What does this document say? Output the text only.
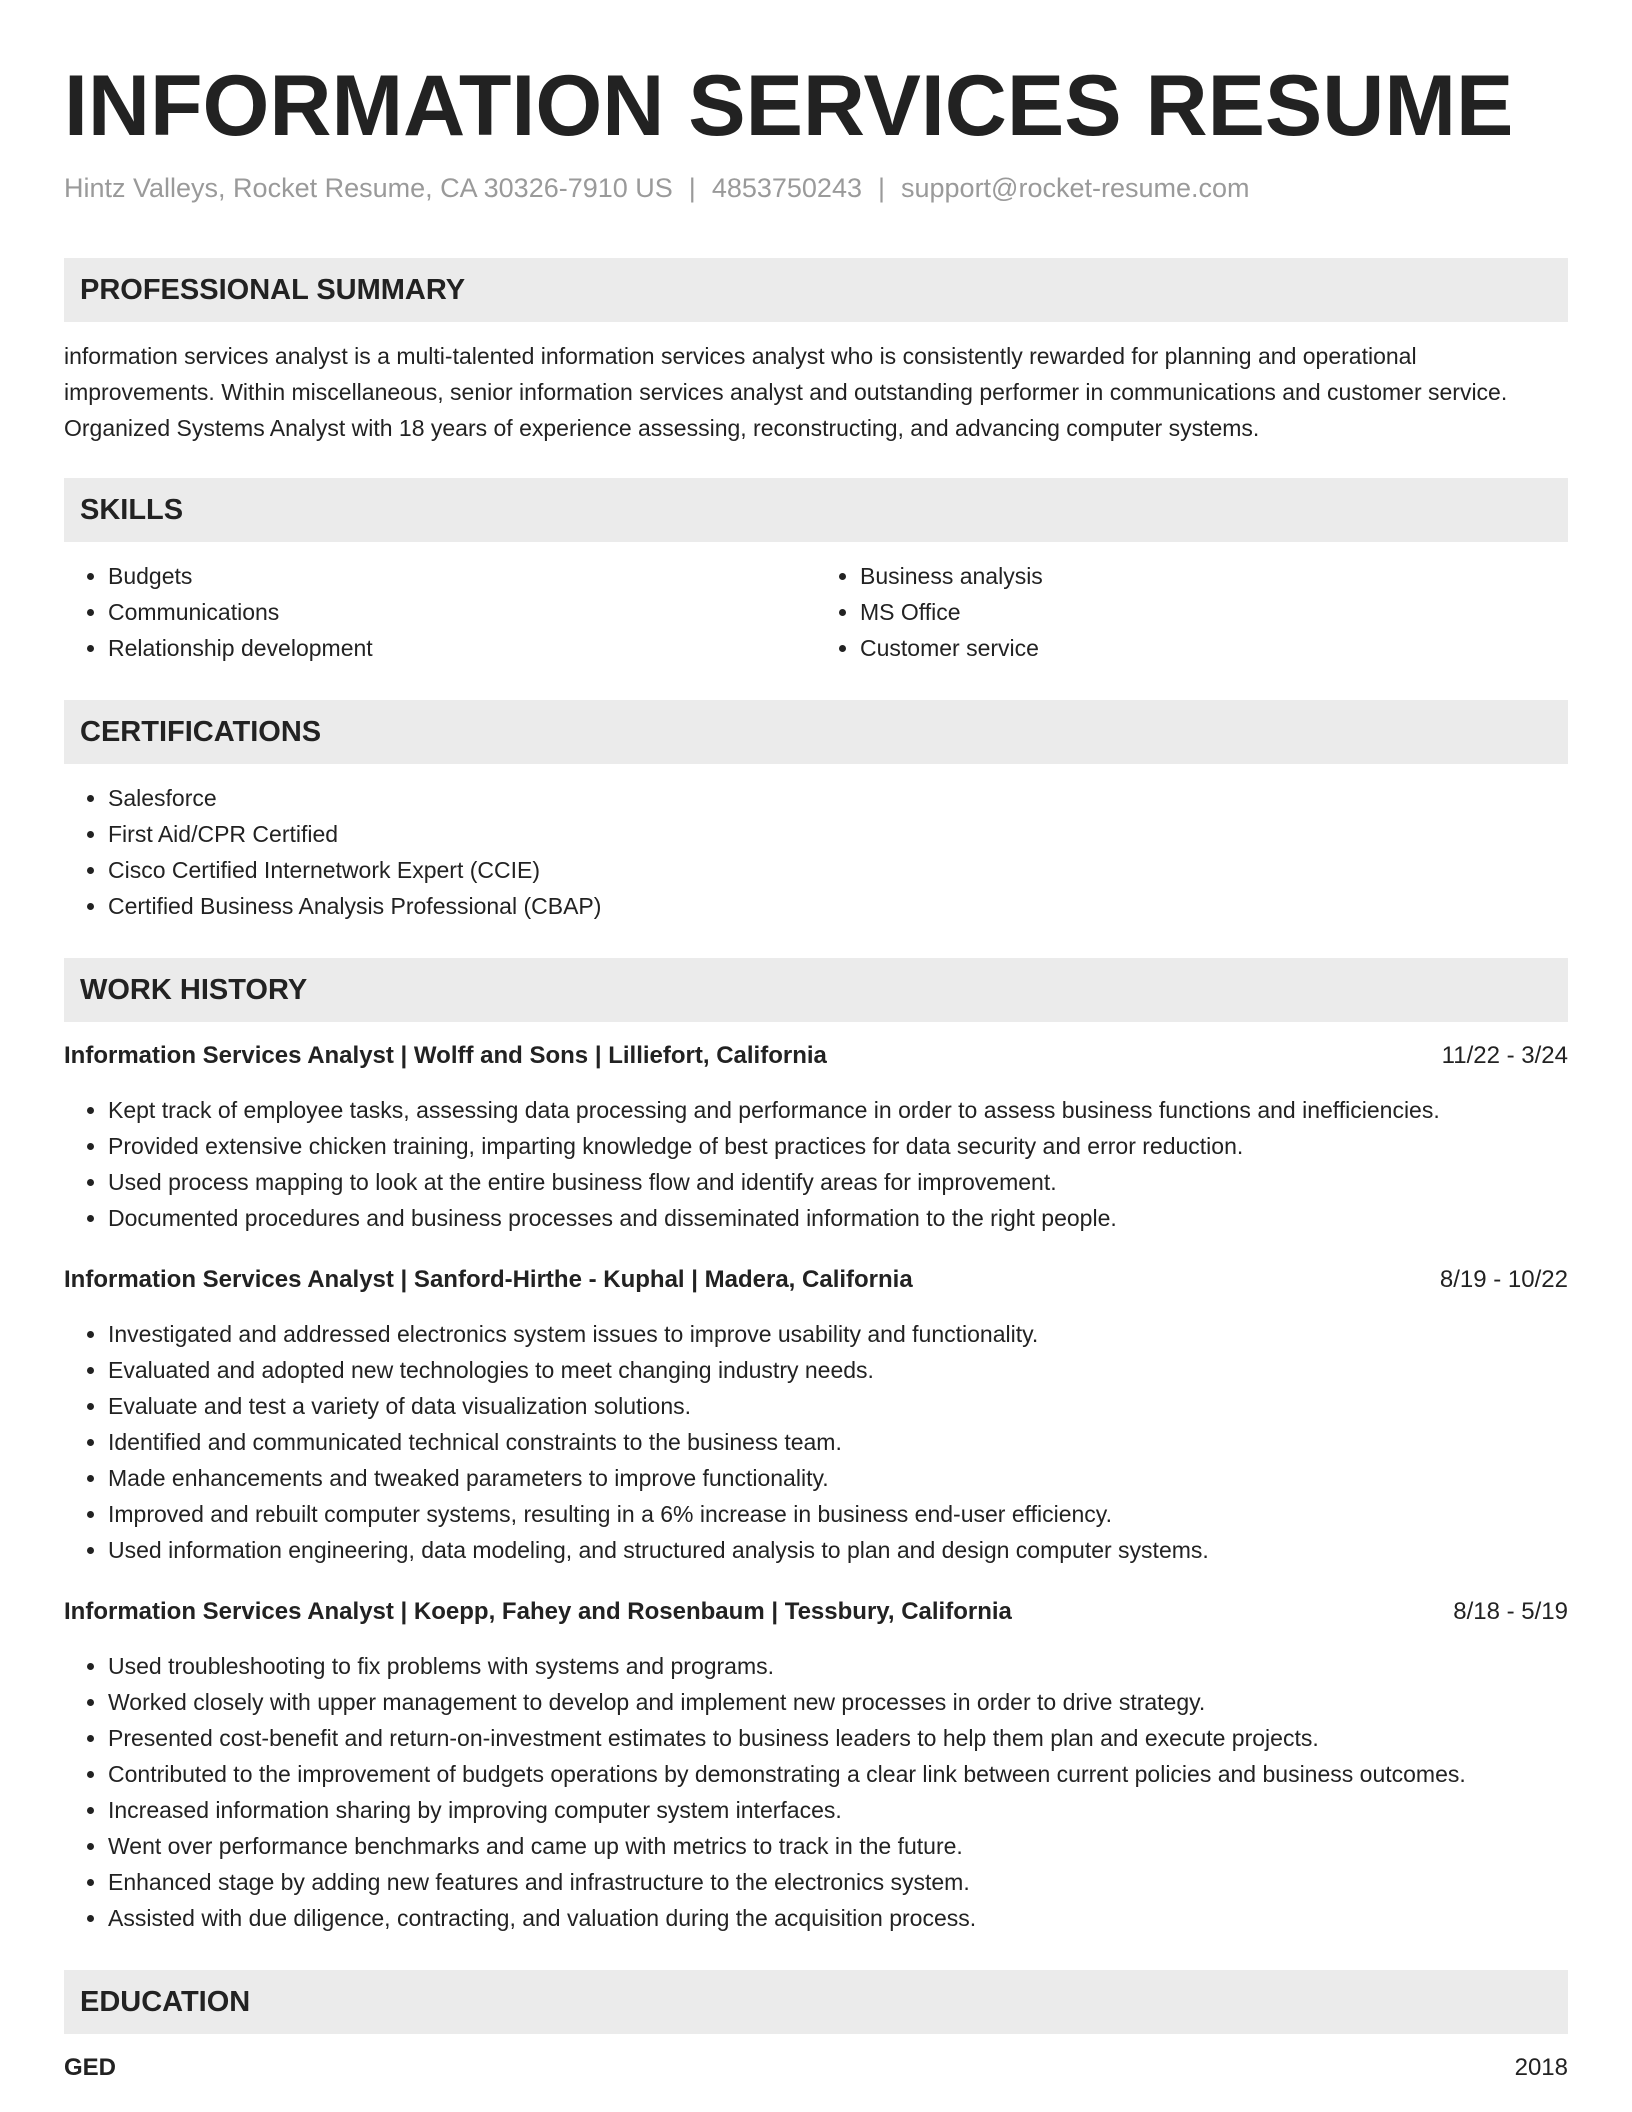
INFORMATION SERVICES RESUME
Hintz Valleys, Rocket Resume, CA 30326-7910 US | 4853750243 | support@rocket-resume.com
PROFESSIONAL SUMMARY

information services analyst is a multi-talented information services analyst who is consistently rewarded for planning and operational improvements. Within miscellaneous, senior information services analyst and outstanding performer in communications and customer service. Organized Systems Analyst with 18 years of experience assessing, reconstructing, and advancing computer systems.

SKILLS
• Budgets
• Communications
• Relationship development
• Business analysis
• MS Office
• Customer service
CERTIFICATIONS
• Salesforce
• First Aid/CPR Certified
• Cisco Certified Internetwork Expert (CCIE)
• Certified Business Analysis Professional (CBAP)
WORK HISTORY
Information Services Analyst | Wolff and Sons | Lilliefort, California	11/22 - 3/24
• Kept track of employee tasks, assessing data processing and performance in order to assess business functions and inefficiencies.
• Provided extensive chicken training, imparting knowledge of best practices for data security and error reduction.
• Used process mapping to look at the entire business flow and identify areas for improvement.
• Documented procedures and business processes and disseminated information to the right people.
Information Services Analyst | Sanford-Hirthe - Kuphal | Madera, California	8/19 - 10/22
• Investigated and addressed electronics system issues to improve usability and functionality.
• Evaluated and adopted new technologies to meet changing industry needs.
• Evaluate and test a variety of data visualization solutions.
• Identified and communicated technical constraints to the business team.
• Made enhancements and tweaked parameters to improve functionality.
• Improved and rebuilt computer systems, resulting in a 6% increase in business end-user efficiency.
• Used information engineering, data modeling, and structured analysis to plan and design computer systems.
Information Services Analyst | Koepp, Fahey and Rosenbaum | Tessbury, California	8/18 - 5/19
• Used troubleshooting to fix problems with systems and programs.
• Worked closely with upper management to develop and implement new processes in order to drive strategy.
• Presented cost-benefit and return-on-investment estimates to business leaders to help them plan and execute projects.
• Contributed to the improvement of budgets operations by demonstrating a clear link between current policies and business outcomes.
• Increased information sharing by improving computer system interfaces.
• Went over performance benchmarks and came up with metrics to track in the future.
• Enhanced stage by adding new features and infrastructure to the electronics system.
• Assisted with due diligence, contracting, and valuation during the acquisition process.
EDUCATION
GED	2018
